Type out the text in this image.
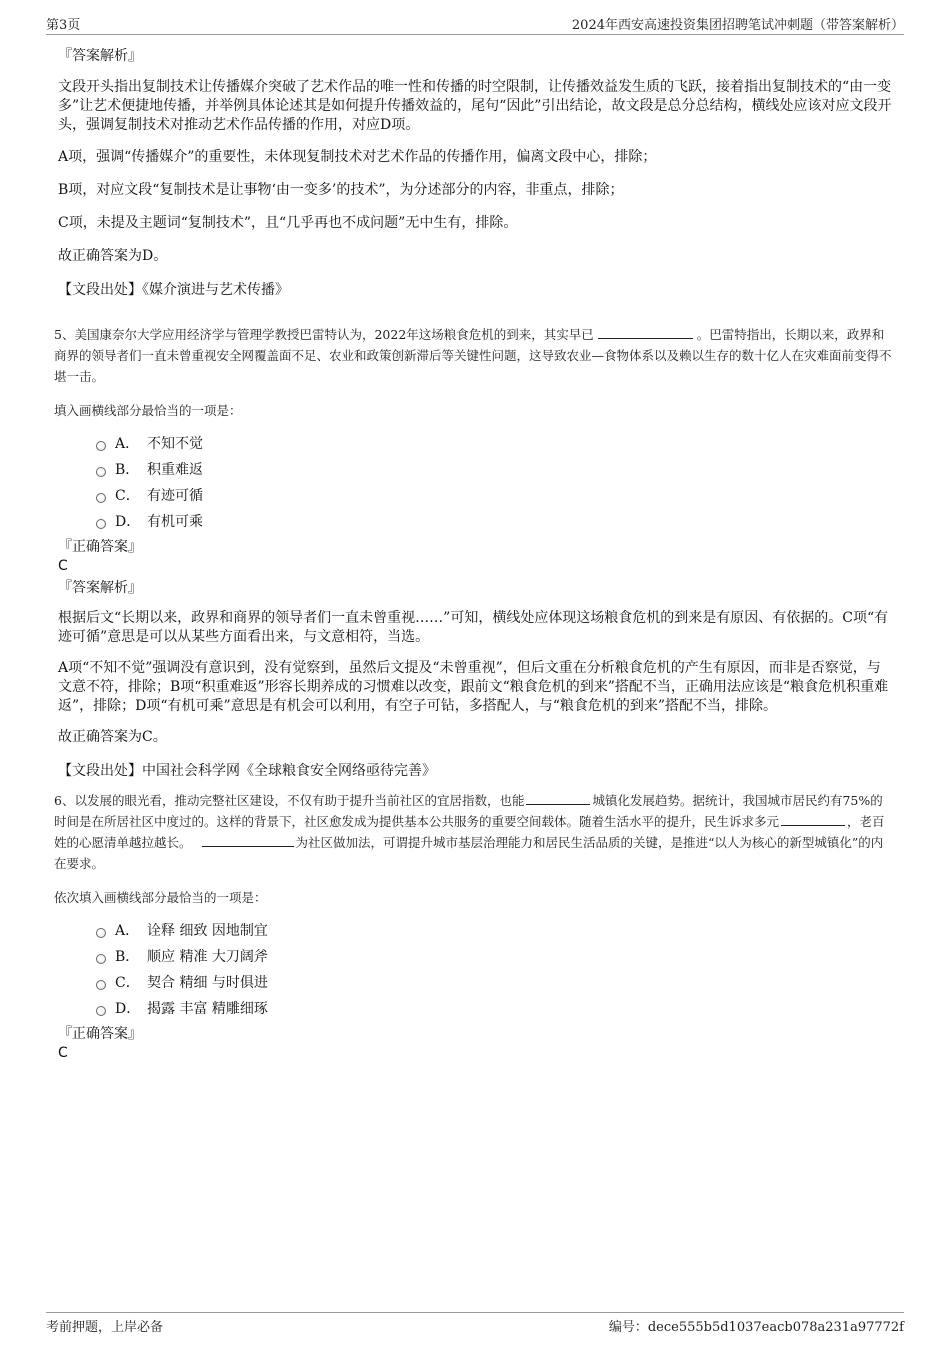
第3页	2024年西安高速投资集团招聘笔试冲刺题（带答案解析）
『答案解析』
文段开头指出复制技术让传播媒介突破了艺术作品的唯一性和传播的时空限制，让传播效益发生质的飞跃，接着指出复制技术的“由一变多”让艺术便捷地传播，并举例具体论述其是如何提升传播效益的，尾句“因此”引出结论，故文段是总分总结构，横线处应该对应文段开头，强调复制技术对推动艺术作品传播的作用，对应D项。
A项，强调“传播媒介”的重要性，未体现复制技术对艺术作品的传播作用，偏离文段中心，排除；
B项，对应文段“复制技术是让事物‘由一变多’的技术”，为分述部分的内容，非重点，排除；
C项，未提及主题词“复制技术”，且“几乎再也不成问题”无中生有，排除。
故正确答案为D。
【文段出处】《媒介演进与艺术传播》
5、美国康奈尔大学应用经济学与管理学教授巴雷特认为，2022年这场粮食危机的到来，其实早已	。巴雷特指出，长期以来，政界和商界的领导者们一直未曾重视安全网覆盖面不足、农业和政策创新滞后等关键性问题，这导致农业—食物体系以及赖以生存的数十亿人在灾难面前变得不堪一击。
填入画横线部分最恰当的一项是：
A． 不知不觉
B． 积重难返
C． 有迹可循
D． 有机可乘
『正确答案』
C
『答案解析』
根据后文“长期以来，政界和商界的领导者们一直未曾重视……”可知，横线处应体现这场粮食危机的到来是有原因、有依据的。C项“有迹可循”意思是可以从某些方面看出来，与文意相符，当选。
A项“不知不觉”强调没有意识到，没有觉察到，虽然后文提及“未曾重视”，但后文重在分析粮食危机的产生有原因，而非是否察觉，与文意不符，排除；B项“积重难返”形容长期养成的习惯难以改变，跟前文“粮食危机的到来”搭配不当，正确用法应该是“粮食危机积重难返”，排除；D项“有机可乘”意思是有机会可以利用，有空子可钻，多搭配人，与“粮食危机的到来”搭配不当，排除。
故正确答案为C。
【文段出处】中国社会科学网《全球粮食安全网络亟待完善》
6、以发展的眼光看，推动完整社区建设，不仅有助于提升当前社区的宜居指数，也能	城镇化发展趋势。据统计，我国城市居民约有75%的时间是在所居社区中度过的。这样的背景下，社区愈发成为提供基本公共服务的重要空间载体。随着生活水平的提升，民生诉求多元	，老百姓的心愿清单越拉越长。	为社区做加法，可谓提升城市基层治理能力和居民生活品质的关键，是推进“以人为核心的新型城镇化”的内在要求。
依次填入画横线部分最恰当的一项是：
A． 诠释 细致 因地制宜
B． 顺应 精准 大刀阔斧
C． 契合 精细 与时俱进
D． 揭露 丰富 精雕细琢
『正确答案』
C
考前押题，上岸必备	编号：dece555b5d1037eacb078a231a97772f
